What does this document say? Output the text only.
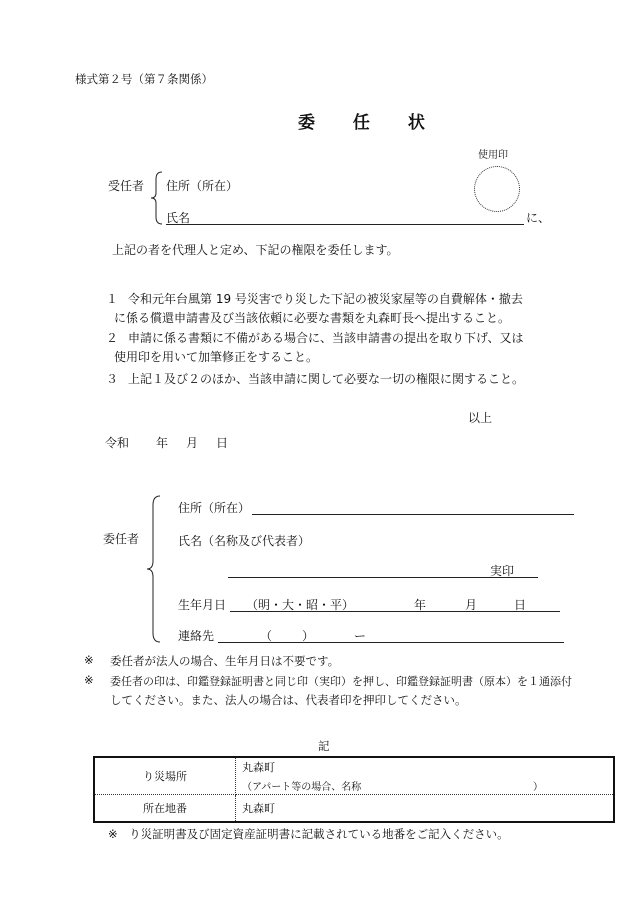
様式第２号（第７条関係）
委 任 状
使用印
受任者 住所（所在）
氏名	に、
上記の者を代理人と定め、下記の権限を委任します。
１ 令和元年台風第 19 号災害でり災した下記の被災家屋等の自費解体・撤去
に係る償還申請書及び当該依頼に必要な書類を丸森町長へ提出すること。
２ 申請に係る書類に不備がある場合に、当該申請書の提出を取り下げ、又は
使用印を用いて加筆修正をすること。
３ 上記１及び２のほか、当該申請に関して必要な一切の権限に関すること。
以上
令和 年 月 日
委任者
住所（所在）
氏名（名称及び代表者）
実印
生年月日 （明・大・昭・平）	年	月	日
連絡先	（ ）	ー
※ 委任者が法人の場合、生年月日は不要です。
※ 委任者の印は、印鑑登録証明書と同じ印（実印）を押し、印鑑登録証明書（原本）を１通添付
してください。また、法人の場合は、代表者印を押印してください。
記
り災場所	丸森町
（アパート等の場合、名称 ）

所在地番	丸森町
※　り災証明書及び固定資産証明書に記載されている地番をご記入ください。
